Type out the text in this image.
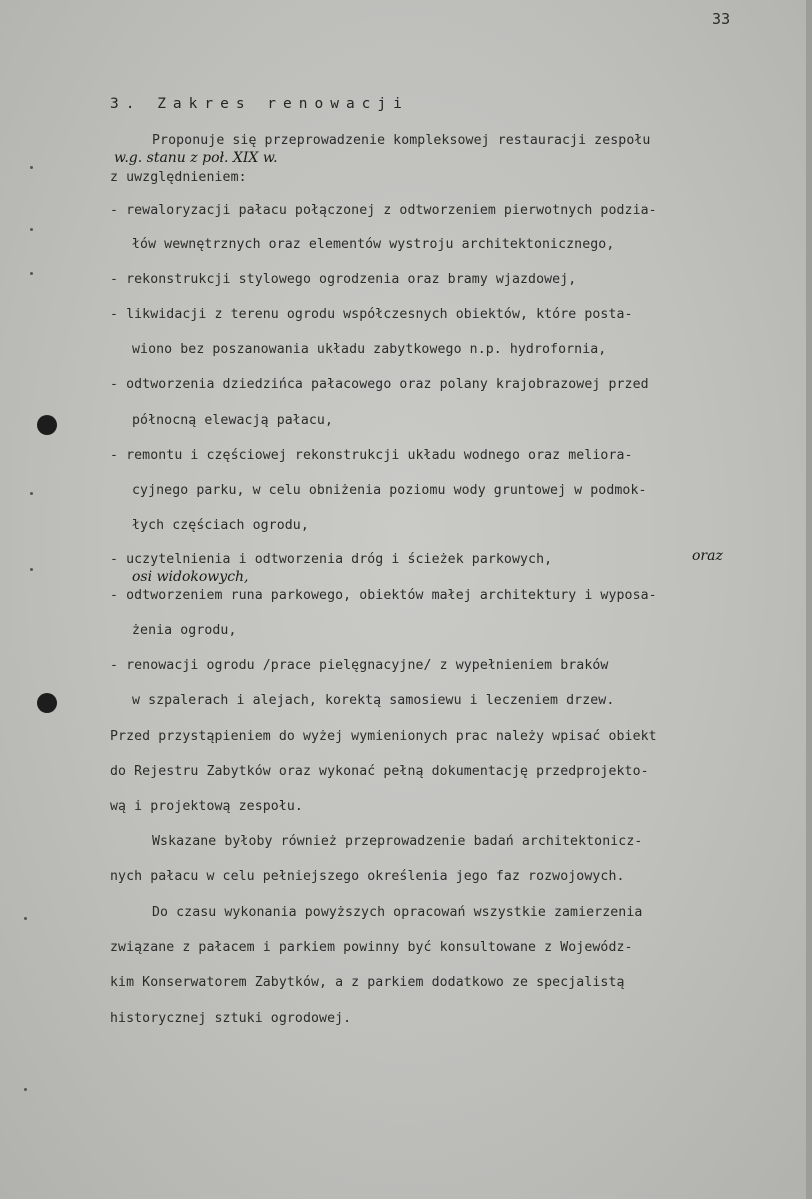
33

3. Zakres renowacji

Proponuje się przeprowadzenie kompleksowej restauracji zespołu

w.g. stanu z poł. XIX w.

z uwzględnieniem:

- rewaloryzacji pałacu połączonej z odtworzeniem pierwotnych podzia-

łów wewnętrznych oraz elementów wystroju architektonicznego,

- rekonstrukcji stylowego ogrodzenia oraz bramy wjazdowej,

- likwidacji z terenu ogrodu współczesnych obiektów, które posta-

wiono bez poszanowania układu zabytkowego n.p. hydrofornia,

- odtworzenia dziedzińca pałacowego oraz polany krajobrazowej przed

północną elewacją pałacu,

- remontu i częściowej rekonstrukcji układu wodnego oraz meliora-

cyjnego parku, w celu obniżenia poziomu wody gruntowej w podmok-

łych częściach ogrodu,

- uczytelnienia i odtworzenia dróg i ścieżek parkowych,	oraz

osi widokowych,

- odtworzeniem runa parkowego, obiektów małej architektury i wyposa-

żenia ogrodu,

- renowacji ogrodu /prace pielęgnacyjne/ z wypełnieniem braków

w szpalerach i alejach, korektą samosiewu i leczeniem drzew.

Przed przystąpieniem do wyżej wymienionych prac należy wpisać obiekt

do Rejestru Zabytków oraz wykonać pełną dokumentację przedprojekto-

wą i projektową zespołu.

Wskazane byłoby również przeprowadzenie badań architektonicz-

nych pałacu w celu pełniejszego określenia jego faz rozwojowych.

Do czasu wykonania powyższych opracowań wszystkie zamierzenia

związane z pałacem i parkiem powinny być konsultowane z Wojewódz-

kim Konserwatorem Zabytków, a z parkiem dodatkowo ze specjalistą

historycznej sztuki ogrodowej.
